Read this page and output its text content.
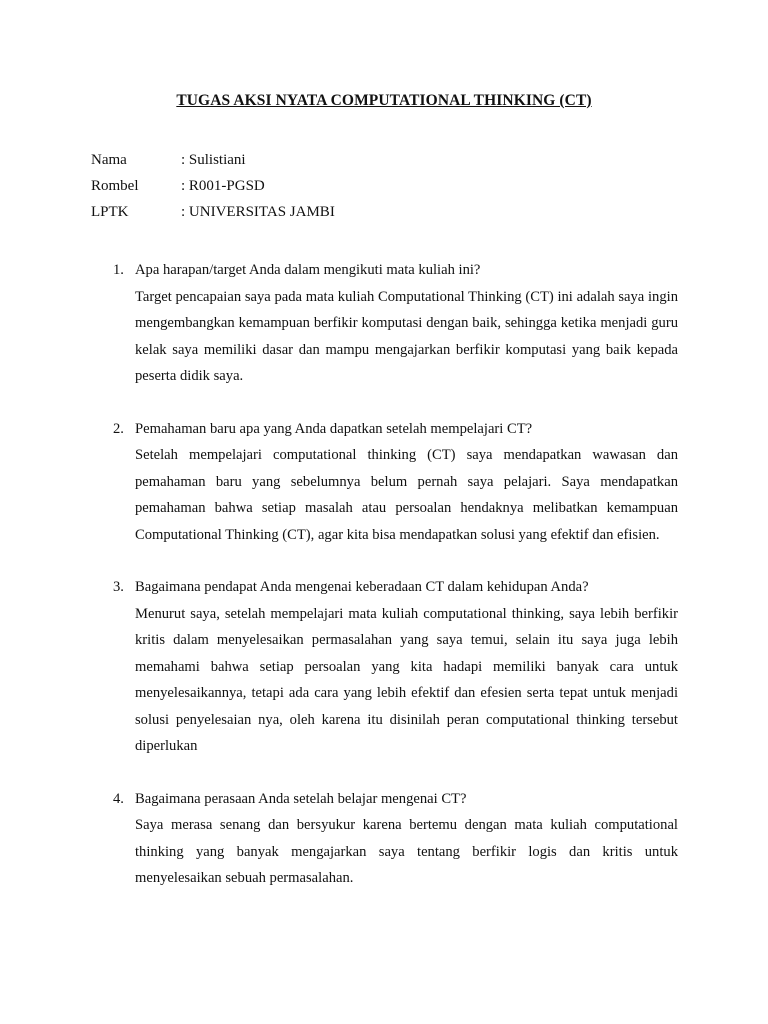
TUGAS AKSI NYATA COMPUTATIONAL THINKING (CT)
Nama	: Sulistiani
Rombel	: R001-PGSD
LPTK	: UNIVERSITAS JAMBI
1. Apa harapan/target Anda dalam mengikuti mata kuliah ini?
Target pencapaian saya pada mata kuliah Computational Thinking (CT) ini adalah saya ingin mengembangkan kemampuan berfikir komputasi dengan baik, sehingga ketika menjadi guru kelak saya memiliki dasar dan mampu mengajarkan berfikir komputasi yang baik kepada peserta didik saya.
2. Pemahaman baru apa yang Anda dapatkan setelah mempelajari CT?
Setelah mempelajari computational thinking (CT) saya mendapatkan wawasan dan pemahaman baru yang sebelumnya belum pernah saya pelajari. Saya mendapatkan pemahaman bahwa setiap masalah atau persoalan hendaknya melibatkan kemampuan Computational Thinking (CT), agar kita bisa mendapatkan solusi yang efektif dan efisien.
3. Bagaimana pendapat Anda mengenai keberadaan CT dalam kehidupan Anda?
Menurut saya, setelah mempelajari mata kuliah computational thinking, saya lebih berfikir kritis dalam menyelesaikan permasalahan yang saya temui, selain itu saya juga lebih memahami bahwa setiap persoalan yang kita hadapi memiliki banyak cara untuk menyelesaikannya, tetapi ada cara yang lebih efektif dan efesien serta tepat untuk menjadi solusi penyelesaian nya, oleh karena itu disinilah peran computational thinking tersebut diperlukan
4. Bagaimana perasaan Anda setelah belajar mengenai CT?
Saya merasa senang dan bersyukur karena bertemu dengan mata kuliah computational thinking yang banyak mengajarkan saya tentang berfikir logis dan kritis untuk menyelesaikan sebuah permasalahan.
